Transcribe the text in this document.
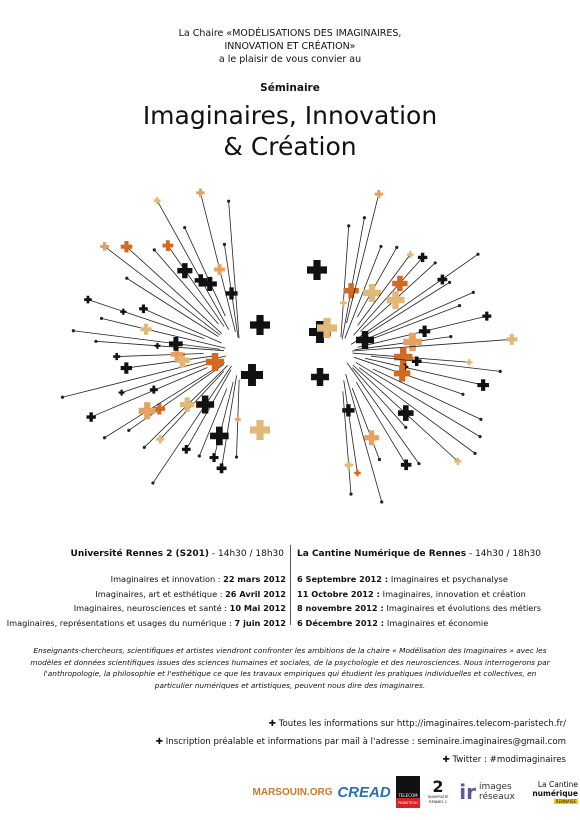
La Chaire «MODÉLISATIONS DES IMAGINAIRES,
INNOVATION ET CRÉATION»
a le plaisir de vous convier au
Séminaire
Imaginaires, Innovation
& Création
Université Rennes 2 (S201) - 14h30 / 18h30 La Cantine Numérique de Rennes - 14h30 / 18h30
Imaginaires et innovation : 22 mars 2012
Imaginaires, art et esthétique : 26 Avril 2012
Imaginaires, neurosciences et santé : 10 Mai 2012
Imaginaires, représentations et usages du numérique : 7 juin 2012
6 Septembre 2012 : Imaginaires et psychanalyse
11 Octobre 2012 : Imaginaires, innovation et création
8 novembre 2012 : Imaginaires et évolutions des métiers
6 Décembre 2012 : Imaginaires et économie
Enseignants-chercheurs, scientifiques et artistes viendront confronter les ambitions de la chaire « Modélisation des Imaginaires » avec les modèles et données scientifiques issues des sciences humaines et sociales, de la psychologie et des neurosciences. Nous interrogerons par l'anthropologie, la philosophie et l'esthétique ce que les travaux empiriques qui étudient les pratiques individuelles et collectives, en particulier numériques et artistiques, peuvent nous dire des imaginaires.
✚ Toutes les informations sur http://imaginaires.telecom-paristech.fr/
✚ Inscription préalable et informations par mail à l'adresse : seminaire.imaginaires@gmail.com
✚ Twitter : #modimaginaires
MARSOUIN.ORG CREAD	TELECOM
PARISTECH
2
UNIVERSITÉ RENNES 2 ir images
réseaux
La Cantine
numérique
RENNAISE
